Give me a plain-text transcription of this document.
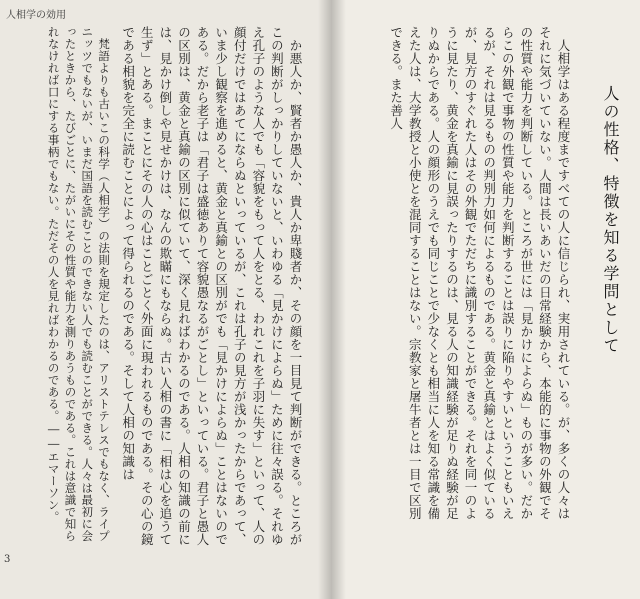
人相学の効用

か悪人か、賢者か愚人か、貴人か卑賤者か、その顔を一目見て判断ができる。ところがこの判断がしっかりしていないと、いわゆる「見かけによらぬ」ために往々誤る。それゆえ孔子のような人でも「容貌をもって人をとる、われこれを子羽に失す」といって、人の顔付だけではあてにならぬといっているが、これは孔子の見方が浅かったからであって、いま少し観察を進めると、黄金と真鍮との区別がでも「見かけによらぬ」ことはないのである。だから老子は「君子は盛徳ありて容貌愚なるがごとし」といっている。君子と愚人の区別は、黄金と真鍮の区別に似ていて、深く見ればわかるのである。人相の知識の前には、見かけ倒しや見せかけは、なんの欺瞞にもならぬ。古い人相の書に「相は心を追うて生ず」とある。まことにその人の心はことごとく外面に現われるものである。その心の鏡である相貌を完全に読むことによって得られるのである。そして人相の知識は

梵語よりも古いこの科学（人相学）の法則を規定したのは、アリストテレスでもなく、ライプニッツでもないが、いまだ国語を読むことのできない人でも読むことができる。人々は最初に会ったときから、たびごとに、たがいにその性質や能力を測りあうものである。これは意識で知られなければ口にする事柄でもない。ただその人を見ればわかるのである。――エマーソン。

3
人の性格、特徴を知る学問として

人相学はある程度まですべての人に信じられ、実用されている。が、多くの人々はそれに気づいていない。人間は長いあいだの日常経験から、本能的に事物の外観でその性質や能力を判断している。ところが世には「見かけによらぬ」ものが多い。だからこの外観で事物の性質や能力を判断することは誤りに陥りやすいということもいえるが、それは見るものの判別力如何によるものである。黄金と真鍮とはよく似ているが、見方のすぐれた人はその外観でただちに識別することができる。それを同一のように見たり、黄金を真鍮に見誤ったりするのは、見る人の知識経験が足りぬ経験が足りぬからである。人の顔形のうえでも同じことで少なくとも相当に人を知る常識を備えた人は、大学教授と小使とを混同することはない。宗教家と屠牛者とは一目で区別できる。また善人
